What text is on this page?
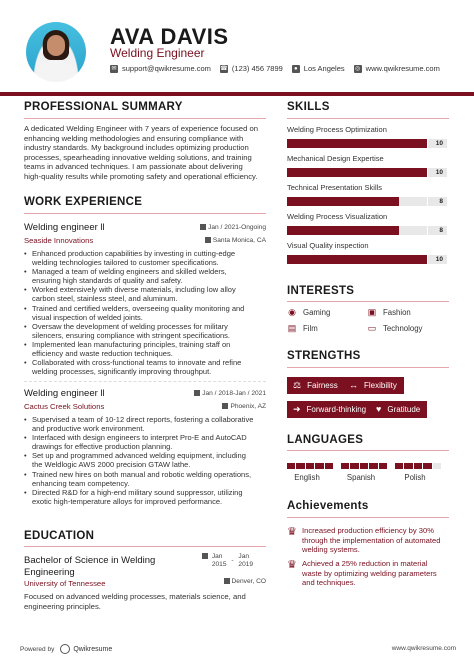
AVA DAVIS
Welding Engineer
✉ support@qwikresume.com ☎ (123) 456 7899	● Los Angeles ◎ www.qwikresume.com
PROFESSIONAL SUMMARY
A dedicated Welding Engineer with 7 years of experience focused on
enhancing welding methodologies and ensuring compliance with
industry standards. My background includes optimizing production
processes, spearheading innovative welding solutions, and training
teams in advanced techniques. I am passionate about delivering
high-quality results while promoting safety and operational efficiency.
WORK EXPERIENCE
Welding engineer ll
Seaside Innovations
Jan / 2021-Ongoing
Santa Monica, CA
• Enhanced production capabilities by investing in cutting-edge
welding technologies tailored to customer specifications.
• Managed a team of welding engineers and skilled welders,
ensuring high standards of quality and safety.
• Worked extensively with diverse materials, including low alloy
carbon steel, stainless steel, and aluminum.
• Trained and certified welders, overseeing quality monitoring and
visual inspection of welded joints.
• Oversaw the development of welding processes for military
silencers, ensuring compliance with stringent specifications.
• Implemented lean manufacturing principles, training staff on
efficiency and waste reduction techniques.
• Collaborated with cross-functional teams to innovate and refine
welding processes, significantly improving throughput.
Welding engineer ll
Cactus Creek Solutions
Jan / 2018-Jan / 2021
Phoenix, AZ
• Supervised a team of 10-12 direct reports, fostering a collaborative
and productive work environment.
• Interfaced with design engineers to interpret Pro-E and AutoCAD
drawings for effective production planning.
• Set up and programmed advanced welding equipment, including
the Weldlogic AWS 2000 precision GTAW lathe.
• Trained new hires on both manual and robotic welding operations,
enhancing team competency.
• Directed R&D for a high-end military sound suppressor, utilizing
exotic high-temperature alloys for improved performance.
EDUCATION
Bachelor of Science in Welding
Engineering
University of Tennessee

Jan
2015
-
Jan
2019
Denver, CO
Focused on advanced welding processes, materials science, and
engineering principles.
SKILLS
Welding Process Optimization
10
Mechanical Design Expertise
10
Technical Presentation Skills
8
Welding Process Visualization
8
Visual Quality inspection
10
INTERESTS
◉ Gaming	▣ Fashion
▤ Film	▭ Technology
STRENGTHS
⚖ Fairness ↔ Flexibility
➜ Forward-thinking ♥ Gratitude
LANGUAGES
English	Spanish	Polish
Achievements
♛ Increased production efficiency by 30%
through the implementation of automated
welding systems.
♛ Achieved a 25% reduction in material
waste by optimizing welding parameters
and techniques.
Powered by	Qwikresume	www.qwikresume.com
